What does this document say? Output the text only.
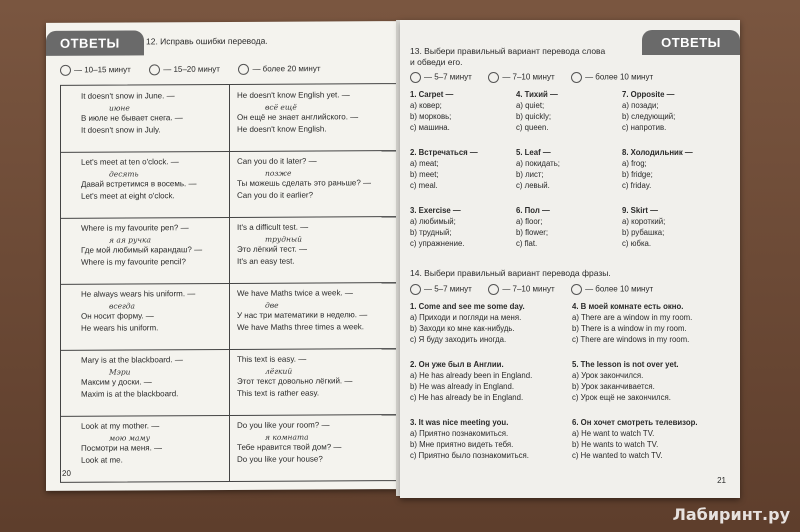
ОТВЕТЫ	12. Исправь ошибки перевода.
— 10–15 минут	— 15–20 минут	— более 20 минут
It doesn't snow in June. —
июне
В июле не бывает снега. —
It doesn't snow in July.
He doesn't know English yet. —
всё ещё
Он ещё не знает английского. —
He doesn't know English.
Let's meet at ten o'clock. —
десять
Давай встретимся в восемь. —
Let's meet at eight o'clock.
Can you do it later? —
позже
Ты можешь сделать это раньше? —
Can you do it earlier?
Where is my favourite pen? —
я ая ручка
Где мой любимый карандаш? —
Where is my favourite pencil?
It's a difficult test. —
трудный
Это лёгкий тест. —
It's an easy test.
He always wears his uniform. —
всегда
Он носит форму. —
He wears his uniform.
We have Maths twice a week. —
две
У нас три математики в неделю. —
We have Maths three times a week.
Mary is at the blackboard. —
Мэри
Максим у доски. —
Maxim is at the blackboard.
This text is easy. —
лёгкий
Этот текст довольно лёгкий. —
This text is rather easy.
Look at my mother. —
мою маму
Посмотри на меня. —
Look at me.
Do you like your room? —
я комната
Тебе нравится твой дом? —
Do you like your house?
20
ОТВЕТЫ
13. Выбери правильный вариант перевода слова
и обведи его.
— 5–7 минут	— 7–10 минут	— более 10 минут
1. Carpet —
a) ковер;
b) морковь;
c) машина.
4. Тихий —
a) quiet;
b) quickly;
c) queen.
7. Opposite —
a) позади;
b) следующий;
c) напротив.
2. Встречаться —
a) meat;
b) meet;
c) meal.
5. Leaf —
a) покидать;
b) лист;
c) левый.
8. Холодильник —
a) frog;
b) fridge;
c) friday.
3. Exercise —
a) любимый;
b) трудный;
c) упражнение.
6. Пол —
a) floor;
b) flower;
c) flat.
9. Skirt —
a) короткий;
b) рубашка;
c) юбка.
14. Выбери правильный вариант перевода фразы.
— 5–7 минут	— 7–10 минут	— более 10 минут
1. Come and see me some day.
a) Приходи и погляди на меня.
b) Заходи ко мне как-нибудь.
c) Я буду заходить иногда.
4. В моей комнате есть окно.
a) There are a window in my room.
b) There is a window in my room.
c) There are windows in my room.
2. Он уже был в Англии.
a) He has already been in England.
b) He was already in England.
c) He has already be in England.
5. The lesson is not over yet.
a) Урок закончился.
b) Урок заканчивается.
c) Урок ещё не закончился.
3. It was nice meeting you.
a) Приятно познакомиться.
b) Мне приятно видеть тебя.
c) Приятно было познакомиться.
6. Он хочет смотреть телевизор.
a) He want to watch TV.
b) He wants to watch TV.
c) He wanted to watch TV.
21
Лабиринт.ру
